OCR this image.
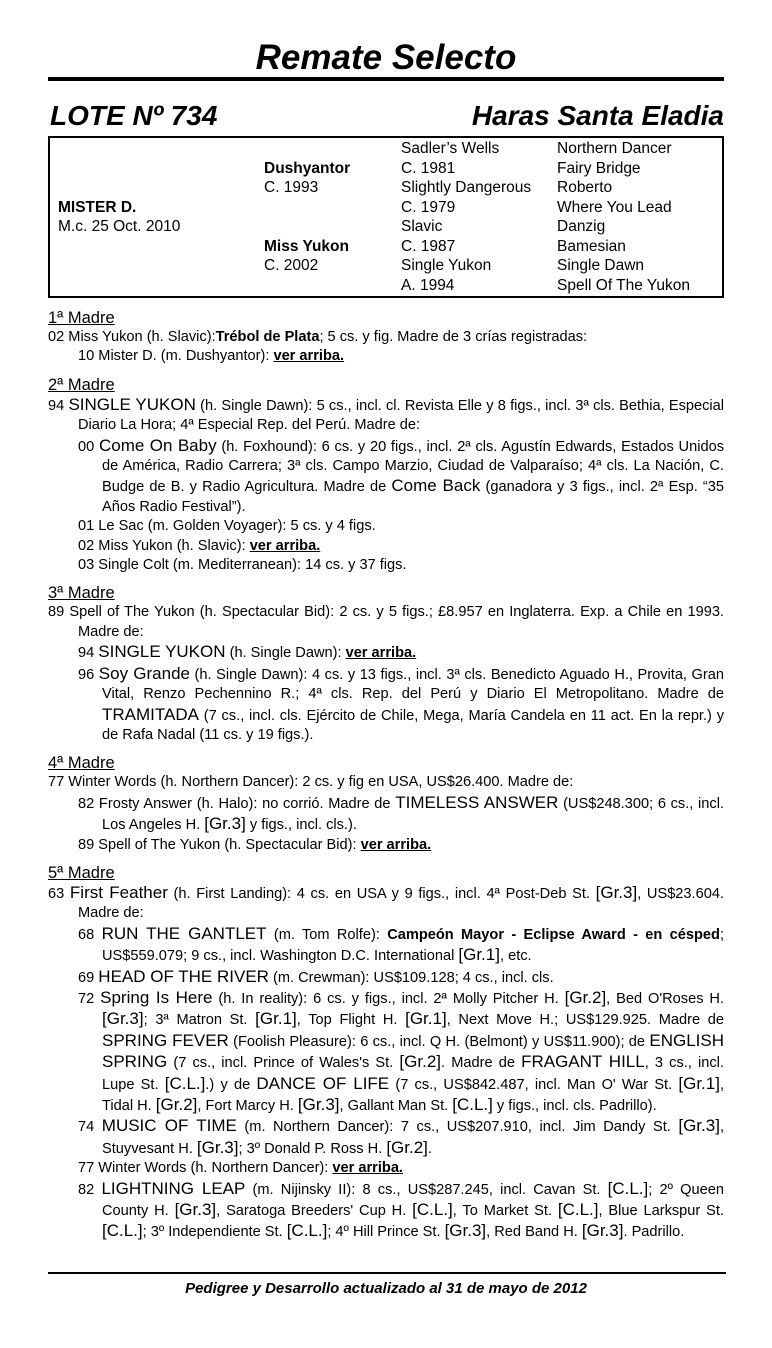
Remate Selecto
LOTE Nº 734	Haras Santa Eladia
MISTER D.
M.c. 25 Oct. 2010
Dushyantor
C. 1993
Miss Yukon
C. 2002
Sadler’s Wells
C. 1981
Slightly Dangerous
C. 1979
Slavic
C. 1987
Single Yukon
A. 1994
Northern Dancer
Fairy Bridge
Roberto
Where You Lead
Danzig
Bamesian
Single Dawn
Spell Of The Yukon
1ª Madre
02 Miss Yukon (h. Slavic):Trébol de Plata; 5 cs. y fig. Madre de 3 crías registradas:
10 Mister D. (m. Dushyantor): ver arriba.
2ª Madre
94 SINGLE YUKON (h. Single Dawn): 5 cs., incl. cl. Revista Elle y 8 figs., incl. 3ª cls. Bethia, Especial Diario La Hora; 4ª Especial Rep. del Perú. Madre de:
00 Come On Baby (h. Foxhound): 6 cs. y 20 figs., incl. 2ª cls. Agustín Edwards, Estados Unidos de América, Radio Carrera; 3ª cls. Campo Marzio, Ciudad de Valparaíso; 4ª cls. La Nación, C. Budge de B. y Radio Agricultura. Madre de Come Back (ganadora y 3 figs., incl. 2ª Esp. “35 Años Radio Festival”).
01 Le Sac (m. Golden Voyager): 5 cs. y 4 figs.
02 Miss Yukon (h. Slavic): ver arriba.
03 Single Colt (m. Mediterranean): 14 cs. y 37 figs.
3ª Madre
89 Spell of The Yukon (h. Spectacular Bid): 2 cs. y 5 figs.; £8.957 en Inglaterra. Exp. a Chile en 1993. Madre de:
94 SINGLE YUKON (h. Single Dawn): ver arriba.
96 Soy Grande (h. Single Dawn): 4 cs. y 13 figs., incl. 3ª cls. Benedicto Aguado H., Provita, Gran Vital, Renzo Pechennino R.; 4ª cls. Rep. del Perú y Diario El Metropolitano. Madre de TRAMITADA (7 cs., incl. cls. Ejército de Chile, Mega, María Candela en 11 act. En la repr.) y de Rafa Nadal (11 cs. y 19 figs.).
4ª Madre
77 Winter Words (h. Northern Dancer): 2 cs. y fig en USA, US$26.400. Madre de:
82 Frosty Answer (h. Halo): no corrió. Madre de TIMELESS ANSWER (US$248.300; 6 cs., incl. Los Angeles H. [Gr.3] y figs., incl. cls.).
89 Spell of The Yukon (h. Spectacular Bid): ver arriba.
5ª Madre
63 First Feather (h. First Landing): 4 cs. en USA y 9 figs., incl. 4ª Post-Deb St. [Gr.3], US$23.604. Madre de:
68 RUN THE GANTLET (m. Tom Rolfe): Campeón Mayor - Eclipse Award - en césped; US$559.079; 9 cs., incl. Washington D.C. International [Gr.1], etc.
69 HEAD OF THE RIVER (m. Crewman): US$109.128; 4 cs., incl. cls.
72 Spring Is Here (h. In reality): 6 cs. y figs., incl. 2ª Molly Pitcher H. [Gr.2], Bed O'Roses H. [Gr.3]; 3ª Matron St. [Gr.1], Top Flight H. [Gr.1], Next Move H.; US$129.925. Madre de SPRING FEVER (Foolish Pleasure): 6 cs., incl. Q H. (Belmont) y US$11.900); de ENGLISH SPRING (7 cs., incl. Prince of Wales's St. [Gr.2]. Madre de FRAGANT HILL, 3 cs., incl. Lupe St. [C.L.].) y de DANCE OF LIFE (7 cs., US$842.487, incl. Man O' War St. [Gr.1], Tidal H. [Gr.2], Fort Marcy H. [Gr.3], Gallant Man St. [C.L.] y figs., incl. cls. Padrillo).
74 MUSIC OF TIME (m. Northern Dancer): 7 cs., US$207.910, incl. Jim Dandy St. [Gr.3], Stuyvesant H. [Gr.3]; 3º Donald P. Ross H. [Gr.2].
77 Winter Words (h. Northern Dancer): ver arriba.
82 LIGHTNING LEAP (m. Nijinsky II): 8 cs., US$287.245, incl. Cavan St. [C.L.]; 2º Queen County H. [Gr.3], Saratoga Breeders' Cup H. [C.L.], To Market St. [C.L.], Blue Larkspur St. [C.L.]; 3º Independiente St. [C.L.]; 4º Hill Prince St. [Gr.3], Red Band H. [Gr.3]. Padrillo.
Pedigree y Desarrollo actualizado al 31 de mayo de 2012
